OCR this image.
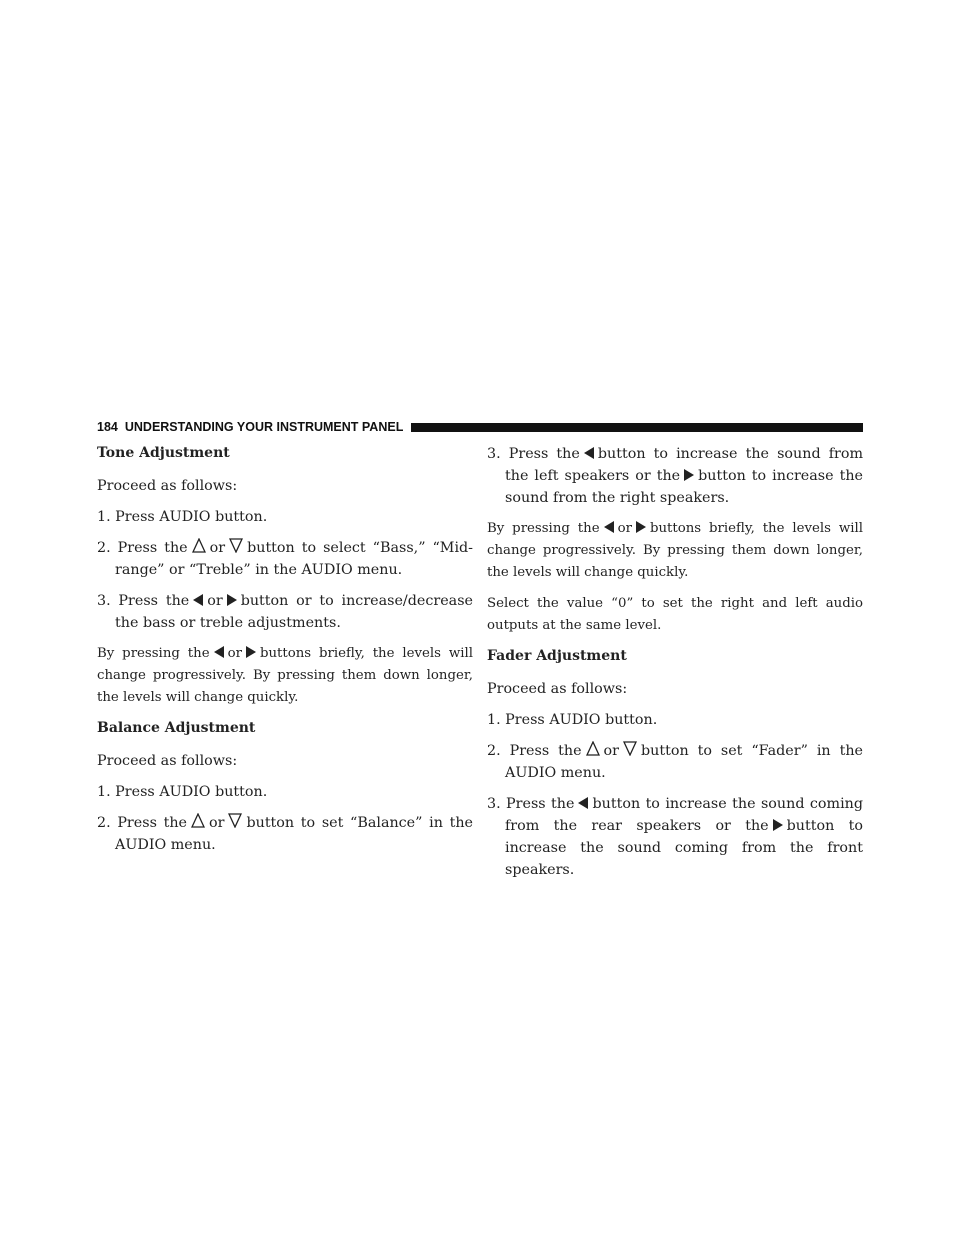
184 UNDERSTANDING YOUR INSTRUMENT PANEL
Tone Adjustment

Proceed as follows:

1. Press AUDIO button.

2. Press the or button to select “Bass,” “Mid-range” or “Treble” in the AUDIO menu.

3. Press the or button or to increase/decrease the bass or treble adjustments.

By pressing the or buttons briefly, the levels will change progressively. By pressing them down longer, the levels will change quickly.

Balance Adjustment

Proceed as follows:

1. Press AUDIO button.

2. Press the or button to set “Balance” in the AUDIO menu.

3. Press the button to increase the sound from the left speakers or the button to increase the sound from the right speakers.

By pressing the or buttons briefly, the levels will change progressively. By pressing them down longer, the levels will change quickly.

Select the value “0” to set the right and left audio outputs at the same level.

Fader Adjustment

Proceed as follows:

1. Press AUDIO button.

2. Press the or button to set “Fader” in the AUDIO menu.

3. Press the button to increase the sound coming from the rear speakers or the button to increase the sound coming from the front speakers.
